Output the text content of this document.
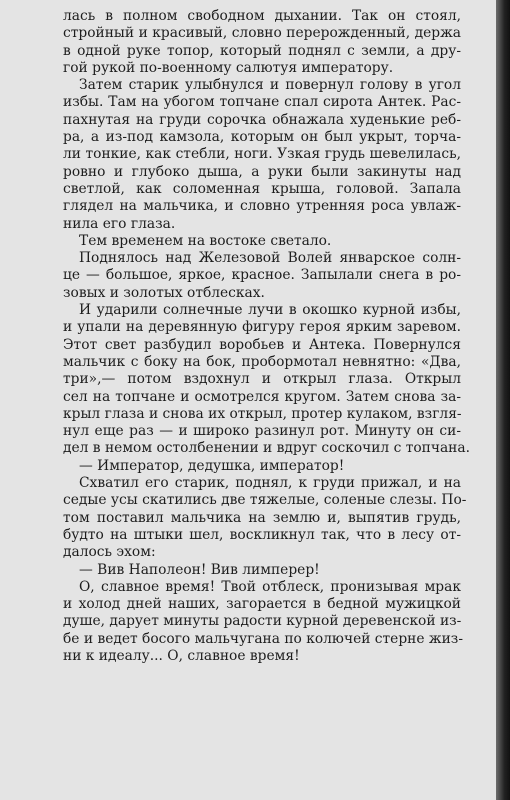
лась в полном свободном дыхании. Так он стоял,
стройный и красивый, словно перерожденный, держа
в одной руке топор, который поднял с земли, а дру-
гой рукой по-военному салютуя императору.
Затем старик улыбнулся и повернул голову в угол
избы. Там на убогом топчане спал сирота Антек. Рас-
пахнутая на груди сорочка обнажала худенькие реб-
ра, а из-под камзола, которым он был укрыт, торча-
ли тонкие, как стебли, ноги. Узкая грудь шевелилась,
ровно и глубоко дыша, а руки были закинуты над
светлой, как соломенная крыша, головой. Запала
глядел на мальчика, и словно утренняя роса увлаж-
нила его глаза.
Тем временем на востоке светало.
Поднялось над Железовой Волей январское солн-
це — большое, яркое, красное. Запылали снега в ро-
зовых и золотых отблесках.
И ударили солнечные лучи в окошко курной избы,
и упали на деревянную фигуру героя ярким заревом.
Этот свет разбудил воробьев и Антека. Повернулся
мальчик с боку на бок, пробормотал невнятно: «Два,
три»,— потом вздохнул и открыл глаза. Открыл
сел на топчане и осмотрелся кругом. Затем снова за-
крыл глаза и снова их открыл, протер кулаком, взгля-
нул еще раз — и широко разинул рот. Минуту он си-
дел в немом остолбенении и вдруг соскочил с топчана.
— Император, дедушка, император!
Схватил его старик, поднял, к груди прижал, и на
седые усы скатились две тяжелые, соленые слезы. По-
том поставил мальчика на землю и, выпятив грудь,
будто на штыки шел, воскликнул так, что в лесу от-
далось эхом:
— Вив Наполеон! Вив лимперер!
О, славное время! Твой отблеск, пронизывая мрак
и холод дней наших, загорается в бедной мужицкой
душе, дарует минуты радости курной деревенской из-
бе и ведет босого мальчугана по колючей стерне жиз-
ни к идеалу... О, славное время!
